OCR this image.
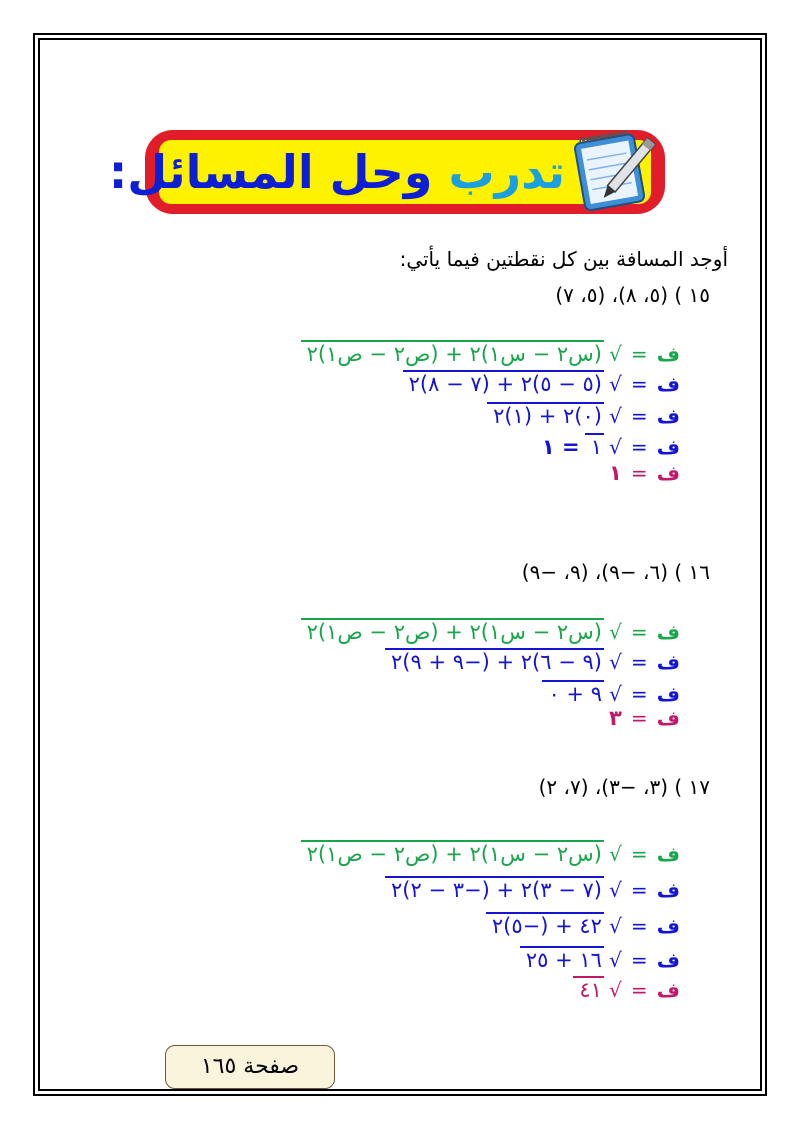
تدرب وحل المسائل:
أوجد المسافة بين كل نقطتين فيما يأتي:
١٥ ) (٥، ٨)، (٥، ٧)
ف = √ (س٢ − س١)٢ + (ص٢ − ص١)٢
ف = √ (٥ − ٥)٢ + (٧ − ٨)٢
ف = √ (٠)٢ + (١)٢
ف = √ ١ = ١
ف = ١
١٦ ) (٦، −٩)، (٩، −٩)
ف = √ (س٢ − س١)٢ + (ص٢ − ص١)٢
ف = √ (٩ − ٦)٢ + (−٩ + ٩)٢
ف = √ ٩ + ٠
ف = ٣
١٧ ) (٣، −٣)، (٧، ٢)
ف = √ (س٢ − س١)٢ + (ص٢ − ص١)٢
ف = √ (٧ − ٣)٢ + (−٣ − ٢)٢
ف = √ ٤٢ + (−٥)٢
ف = √ ١٦ + ٢٥
ف = √ ٤١
صفحة ١٦٥
